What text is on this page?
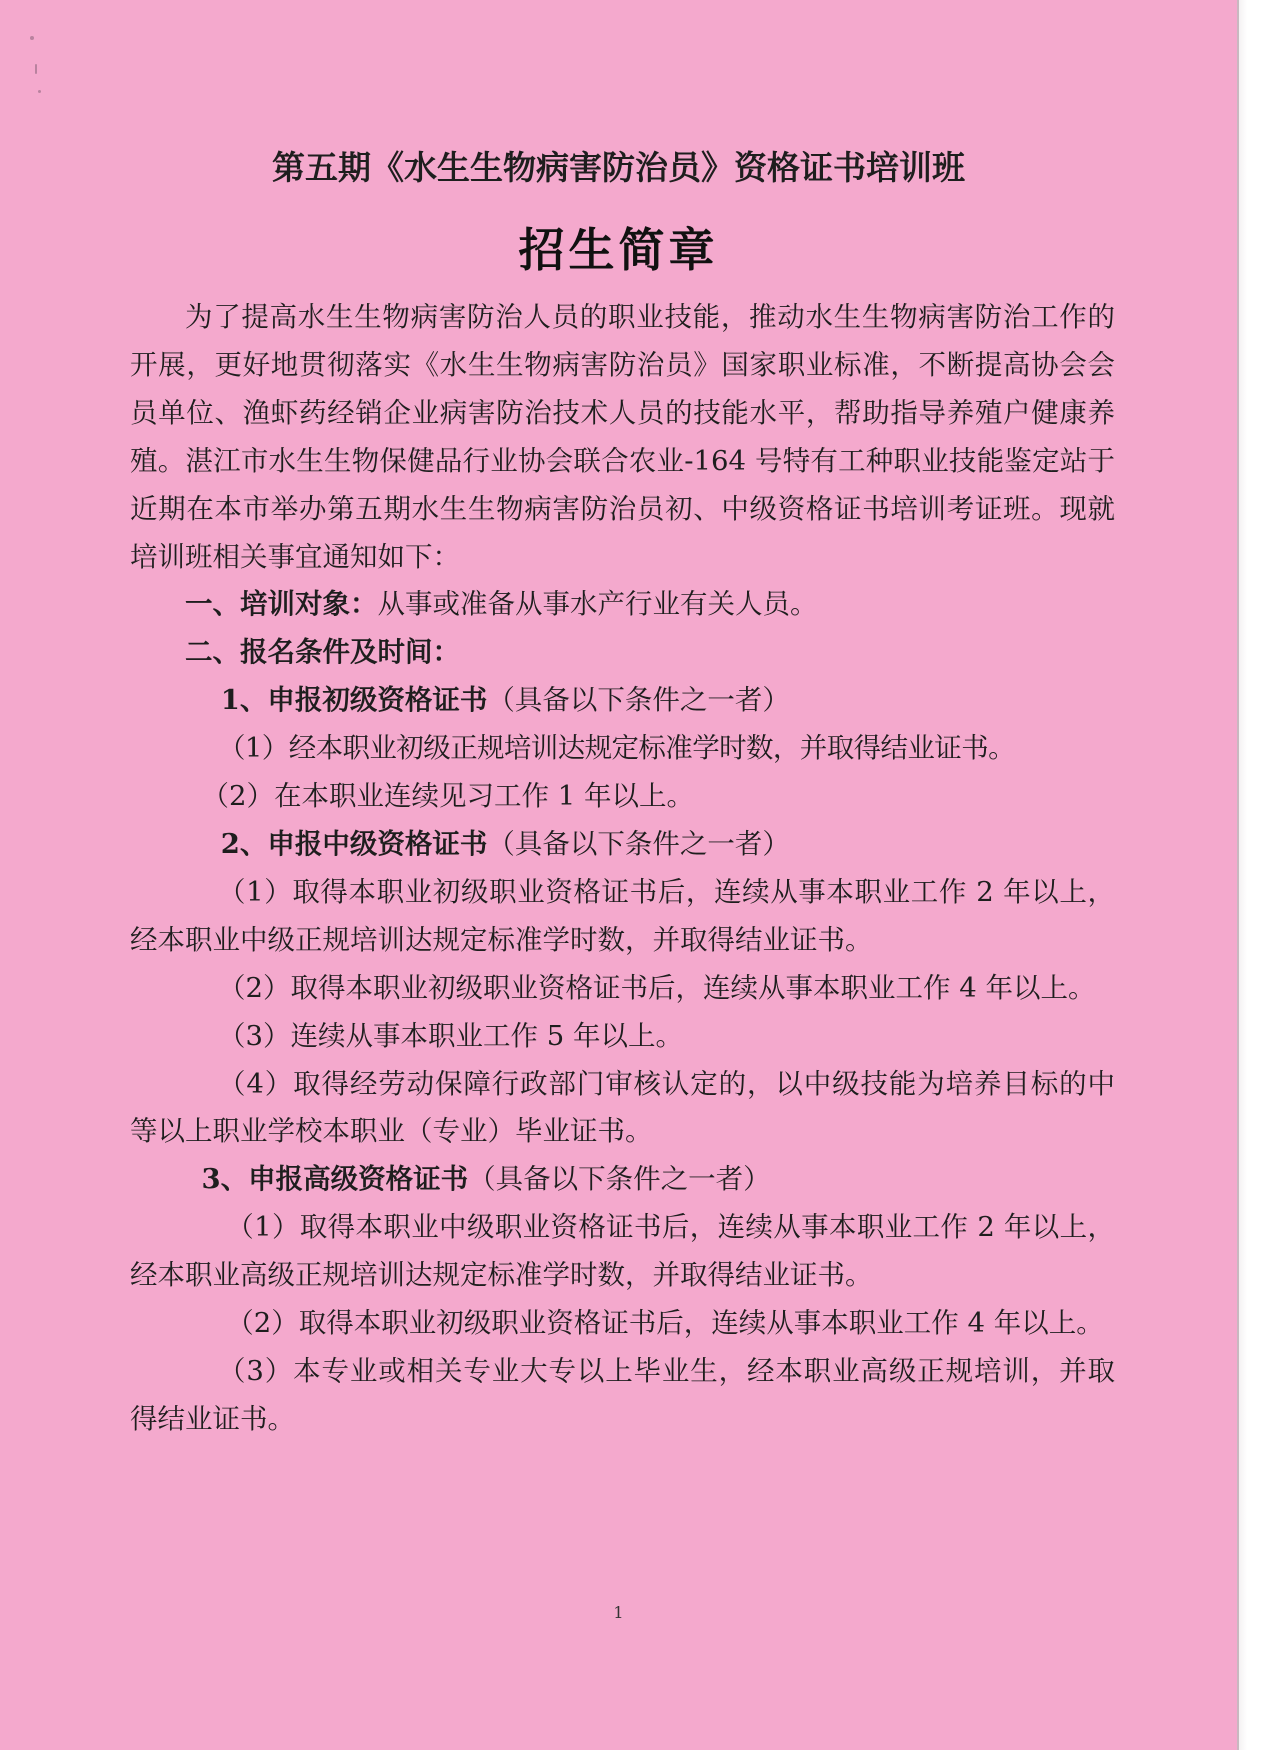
第五期《水生生物病害防治员》资格证书培训班
招生简章

为了提高水生生物病害防治人员的职业技能，推动水生生物病害防治工作的开展，更好地贯彻落实《水生生物病害防治员》国家职业标准，不断提高协会会员单位、渔虾药经销企业病害防治技术人员的技能水平，帮助指导养殖户健康养殖。湛江市水生生物保健品行业协会联合农业-164 号特有工种职业技能鉴定站于近期在本市举办第五期水生生物病害防治员初、中级资格证书培训考证班。现就培训班相关事宜通知如下：

一、培训对象：从事或准备从事水产行业有关人员。

二、报名条件及时间：

1、申报初级资格证书（具备以下条件之一者）

（1）经本职业初级正规培训达规定标准学时数，并取得结业证书。

（2）在本职业连续见习工作 1 年以上。

2、申报中级资格证书（具备以下条件之一者）

（1）取得本职业初级职业资格证书后，连续从事本职业工作 2 年以上，经本职业中级正规培训达规定标准学时数，并取得结业证书。

（2）取得本职业初级职业资格证书后，连续从事本职业工作 4 年以上。

（3）连续从事本职业工作 5 年以上。

（4）取得经劳动保障行政部门审核认定的，以中级技能为培养目标的中等以上职业学校本职业（专业）毕业证书。

3、申报高级资格证书（具备以下条件之一者）

（1）取得本职业中级职业资格证书后，连续从事本职业工作 2 年以上，经本职业高级正规培训达规定标准学时数，并取得结业证书。

（2）取得本职业初级职业资格证书后，连续从事本职业工作 4 年以上。

（3）本专业或相关专业大专以上毕业生，经本职业高级正规培训，并取得结业证书。

1
